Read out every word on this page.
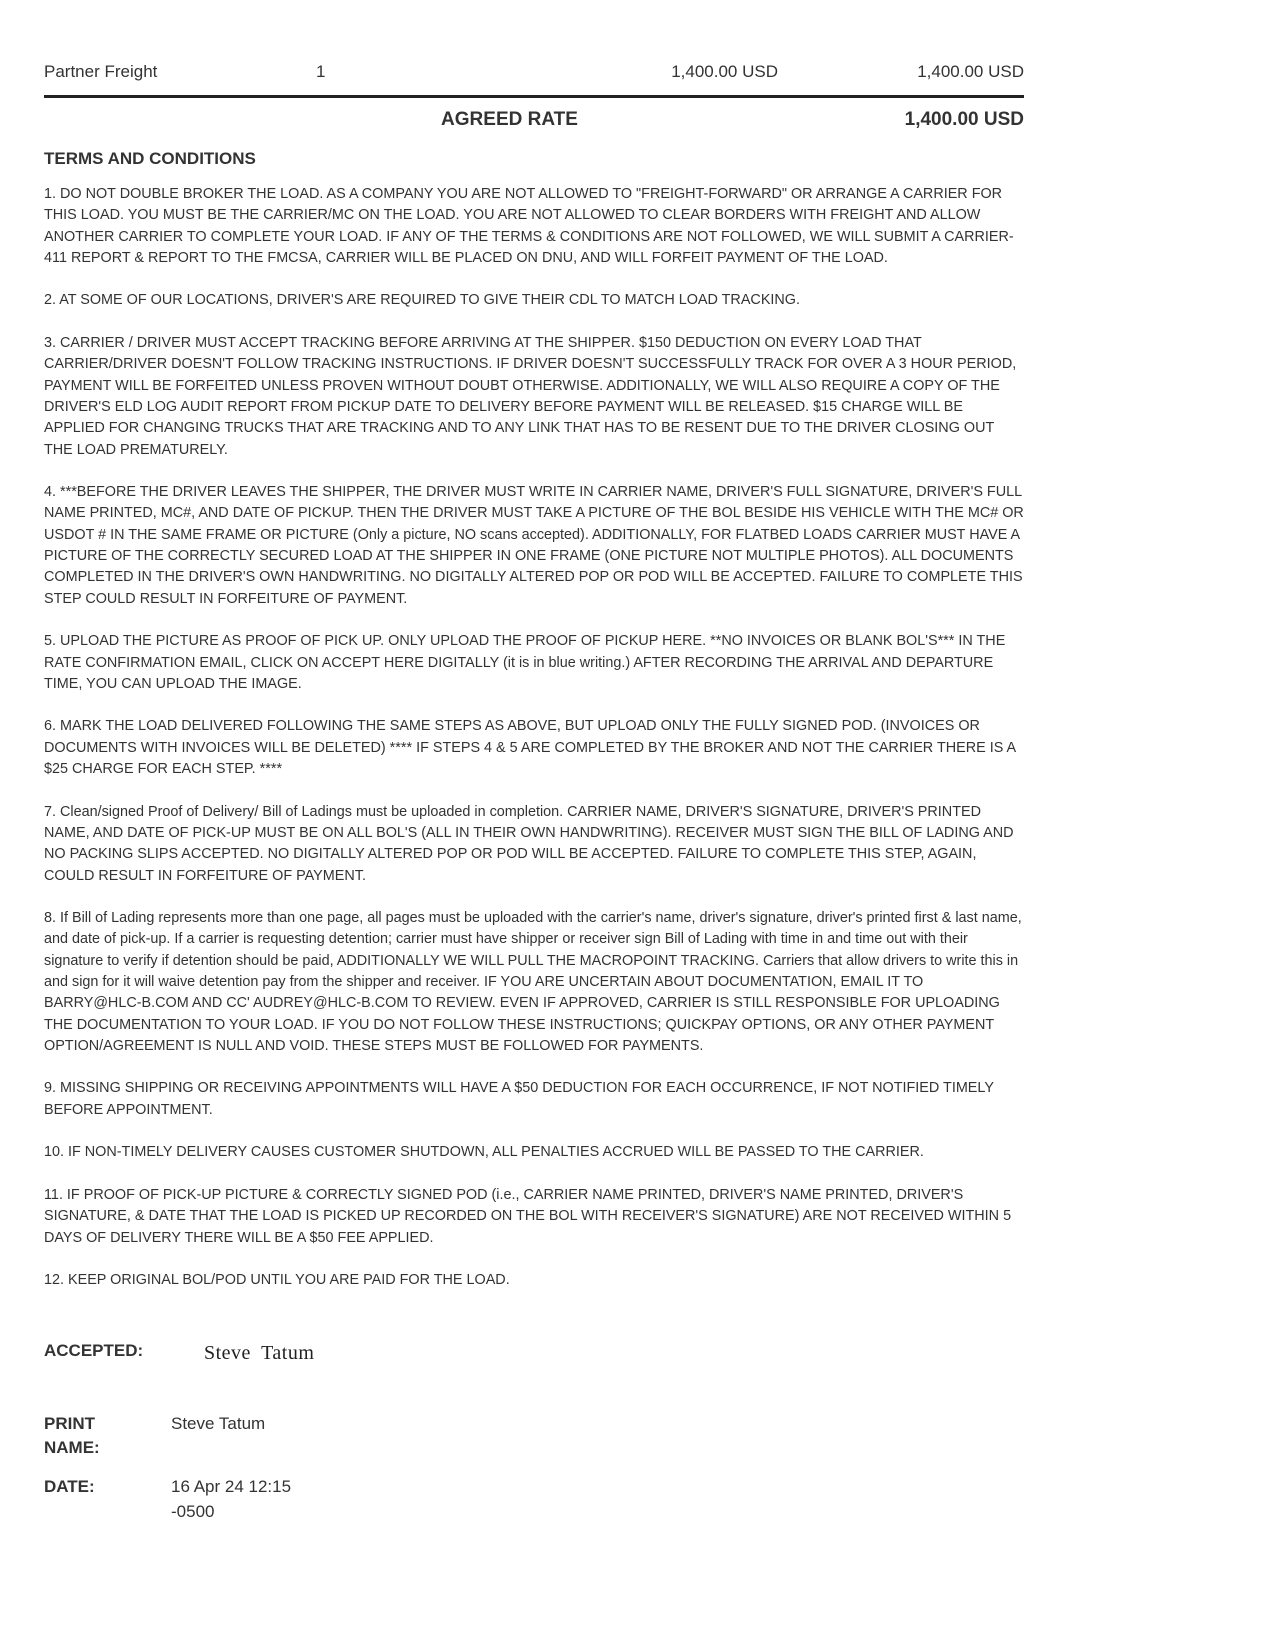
Partner Freight	1	1,400.00 USD	1,400.00 USD
AGREED RATE	1,400.00 USD
TERMS AND CONDITIONS
1. DO NOT DOUBLE BROKER THE LOAD. AS A COMPANY YOU ARE NOT ALLOWED TO "FREIGHT-FORWARD" OR ARRANGE A CARRIER FOR THIS LOAD. YOU MUST BE THE CARRIER/MC ON THE LOAD. YOU ARE NOT ALLOWED TO CLEAR BORDERS WITH FREIGHT AND ALLOW ANOTHER CARRIER TO COMPLETE YOUR LOAD. IF ANY OF THE TERMS & CONDITIONS ARE NOT FOLLOWED, WE WILL SUBMIT A CARRIER-411 REPORT & REPORT TO THE FMCSA, CARRIER WILL BE PLACED ON DNU, AND WILL FORFEIT PAYMENT OF THE LOAD.
2. AT SOME OF OUR LOCATIONS, DRIVER'S ARE REQUIRED TO GIVE THEIR CDL TO MATCH LOAD TRACKING.
3. CARRIER / DRIVER MUST ACCEPT TRACKING BEFORE ARRIVING AT THE SHIPPER. $150 DEDUCTION ON EVERY LOAD THAT CARRIER/DRIVER DOESN'T FOLLOW TRACKING INSTRUCTIONS. IF DRIVER DOESN'T SUCCESSFULLY TRACK FOR OVER A 3 HOUR PERIOD, PAYMENT WILL BE FORFEITED UNLESS PROVEN WITHOUT DOUBT OTHERWISE. ADDITIONALLY, WE WILL ALSO REQUIRE A COPY OF THE DRIVER'S ELD LOG AUDIT REPORT FROM PICKUP DATE TO DELIVERY BEFORE PAYMENT WILL BE RELEASED. $15 CHARGE WILL BE APPLIED FOR CHANGING TRUCKS THAT ARE TRACKING AND TO ANY LINK THAT HAS TO BE RESENT DUE TO THE DRIVER CLOSING OUT THE LOAD PREMATURELY.
4. ***BEFORE THE DRIVER LEAVES THE SHIPPER, THE DRIVER MUST WRITE IN CARRIER NAME, DRIVER'S FULL SIGNATURE, DRIVER'S FULL NAME PRINTED, MC#, AND DATE OF PICKUP. THEN THE DRIVER MUST TAKE A PICTURE OF THE BOL BESIDE HIS VEHICLE WITH THE MC# OR USDOT # IN THE SAME FRAME OR PICTURE (Only a picture, NO scans accepted). ADDITIONALLY, FOR FLATBED LOADS CARRIER MUST HAVE A PICTURE OF THE CORRECTLY SECURED LOAD AT THE SHIPPER IN ONE FRAME (ONE PICTURE NOT MULTIPLE PHOTOS). ALL DOCUMENTS COMPLETED IN THE DRIVER'S OWN HANDWRITING. NO DIGITALLY ALTERED POP OR POD WILL BE ACCEPTED. FAILURE TO COMPLETE THIS STEP COULD RESULT IN FORFEITURE OF PAYMENT.
5. UPLOAD THE PICTURE AS PROOF OF PICK UP. ONLY UPLOAD THE PROOF OF PICKUP HERE. **NO INVOICES OR BLANK BOL'S*** IN THE RATE CONFIRMATION EMAIL, CLICK ON ACCEPT HERE DIGITALLY (it is in blue writing.) AFTER RECORDING THE ARRIVAL AND DEPARTURE TIME, YOU CAN UPLOAD THE IMAGE.
6. MARK THE LOAD DELIVERED FOLLOWING THE SAME STEPS AS ABOVE, BUT UPLOAD ONLY THE FULLY SIGNED POD. (INVOICES OR DOCUMENTS WITH INVOICES WILL BE DELETED) **** IF STEPS 4 & 5 ARE COMPLETED BY THE BROKER AND NOT THE CARRIER THERE IS A $25 CHARGE FOR EACH STEP. ****
7. Clean/signed Proof of Delivery/ Bill of Ladings must be uploaded in completion. CARRIER NAME, DRIVER'S SIGNATURE, DRIVER'S PRINTED NAME, AND DATE OF PICK-UP MUST BE ON ALL BOL'S (ALL IN THEIR OWN HANDWRITING). RECEIVER MUST SIGN THE BILL OF LADING AND NO PACKING SLIPS ACCEPTED. NO DIGITALLY ALTERED POP OR POD WILL BE ACCEPTED. FAILURE TO COMPLETE THIS STEP, AGAIN, COULD RESULT IN FORFEITURE OF PAYMENT.
8. If Bill of Lading represents more than one page, all pages must be uploaded with the carrier's name, driver's signature, driver's printed first & last name, and date of pick-up. If a carrier is requesting detention; carrier must have shipper or receiver sign Bill of Lading with time in and time out with their signature to verify if detention should be paid, ADDITIONALLY WE WILL PULL THE MACROPOINT TRACKING. Carriers that allow drivers to write this in and sign for it will waive detention pay from the shipper and receiver. IF YOU ARE UNCERTAIN ABOUT DOCUMENTATION, EMAIL IT TO BARRY@HLC-B.COM AND CC' AUDREY@HLC-B.COM TO REVIEW. EVEN IF APPROVED, CARRIER IS STILL RESPONSIBLE FOR UPLOADING THE DOCUMENTATION TO YOUR LOAD. IF YOU DO NOT FOLLOW THESE INSTRUCTIONS; QUICKPAY OPTIONS, OR ANY OTHER PAYMENT OPTION/AGREEMENT IS NULL AND VOID. THESE STEPS MUST BE FOLLOWED FOR PAYMENTS.
9. MISSING SHIPPING OR RECEIVING APPOINTMENTS WILL HAVE A $50 DEDUCTION FOR EACH OCCURRENCE, IF NOT NOTIFIED TIMELY BEFORE APPOINTMENT.
10. IF NON-TIMELY DELIVERY CAUSES CUSTOMER SHUTDOWN, ALL PENALTIES ACCRUED WILL BE PASSED TO THE CARRIER.
11. IF PROOF OF PICK-UP PICTURE & CORRECTLY SIGNED POD (i.e., CARRIER NAME PRINTED, DRIVER'S NAME PRINTED, DRIVER'S SIGNATURE, & DATE THAT THE LOAD IS PICKED UP RECORDED ON THE BOL WITH RECEIVER'S SIGNATURE) ARE NOT RECEIVED WITHIN 5 DAYS OF DELIVERY THERE WILL BE A $50 FEE APPLIED.
12. KEEP ORIGINAL BOL/POD UNTIL YOU ARE PAID FOR THE LOAD.
ACCEPTED:	Steve Tatum
PRINT
NAME:
Steve Tatum
DATE:	16 Apr 24 12:15
-0500
